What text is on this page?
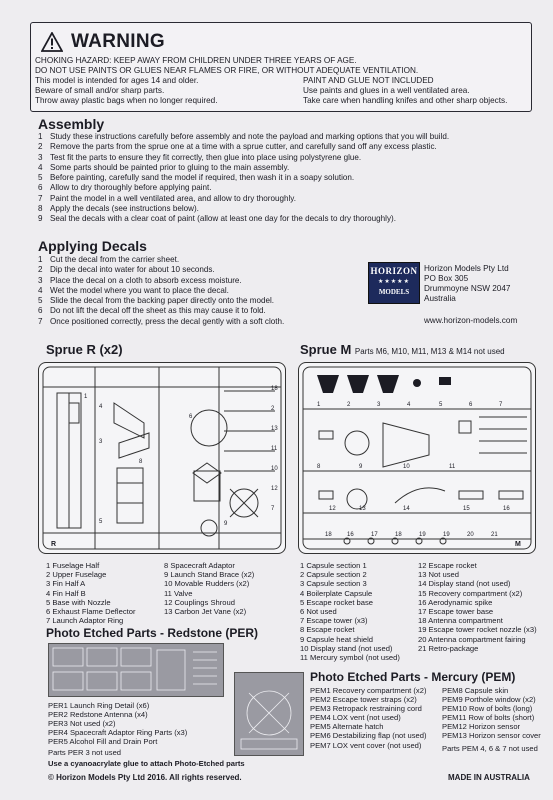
WARNING
CHOKING HAZARD: KEEP AWAY FROM CHILDREN UNDER THREE YEARS OF AGE.
DO NOT USE PAINTS OR GLUES NEAR FLAMES OR FIRE, OR WITHOUT ADEQUATE VENTILATION.
This model is intended for ages 14 and older.
Beware of small and/or sharp parts.
Throw away plastic bags when no longer required.
PAINT AND GLUE NOT INCLUDED
Use paints and glues in a well ventilated area.
Take care when handling knifes and other sharp objects.
Assembly
1 Study these instructions carefully before assembly and note the payload and marking options that you will build.
2 Remove the parts from the sprue one at a time with a sprue cutter, and carefully sand off any excess plastic.
3 Test fit the parts to ensure they fit correctly, then glue into place using polystyrene glue.
4 Some parts should be painted prior to gluing to the main assembly.
5 Before painting, carefully sand the model if required, then wash it in a soapy solution.
6 Allow to dry thoroughly before applying paint.
7 Paint the model in a well ventilated area, and allow to dry thoroughly.
8 Apply the decals (see instructions below).
9 Seal the decals with a clear coat of paint (allow at least one day for the decals to dry thoroughly).
Applying Decals
1 Cut the decal from the carrier sheet.
2 Dip the decal into water for about 10 seconds.
3 Place the decal on a cloth to absorb excess moisture.
4 Wet the model where you want to place the decal.
5 Slide the decal from the backing paper directly onto the model.
6 Do not lift the decal off the sheet as this may cause it to fold.
7 Once positioned correctly, press the decal gently with a soft cloth.
HORIZON
★★★★★
MODELS
Horizon Models Pty Ltd
PO Box 305
Drummoyne NSW 2047
Australia
www.horizon-models.com
Sprue R (x2)
R
18
2
13
11
10
12
7
8
5
4
6
3
9
1
1 Fuselage Half
2 Upper Fuselage
3 Fin Half A
4 Fin Half B
5 Base with Nozzle
6 Exhaust Flame Deflector
7 Launch Adaptor Ring
8 Spacecraft Adaptor
9 Launch Stand Brace (x2)
10 Movable Rudders (x2)
11 Valve
12 Couplings Shroud
13 Carbon Jet Vane (x2)
Sprue M Parts M6, M10, M11, M13 & M14 not used
1	2	3	4	5	6	7
8	9	10	11
12	13	14	15	16
18	16	17	18	19	19	20	21
M
1 Capsule section 1
2 Capsule section 2
3 Capsule section 3
4 Boilerplate Capsule
5 Escape rocket base
6 Not used
7 Escape tower (x3)
8 Escape rocket
9 Capsule heat shield
10 Display stand (not used)
11 Mercury symbol (not used)
12 Escape rocket
13 Not used
14 Display stand (not used)
15 Recovery compartment (x2)
16 Aerodynamic spike
17 Escape tower base
18 Antenna compartment
19 Escape tower rocket nozzle (x3)
20 Antenna compartment fairing
21 Retro-package
Photo Etched Parts - Redstone (PER)
PER1 Launch Ring Detail (x6)
PER2 Redstone Antenna (x4)
PER3 Not used (x2)
PER4 Spacecraft Adaptor Ring Parts (x3)
PER5 Alcohol Fill and Drain Port
Parts PER 3 not used
Use a cyanoacrylate glue to attach Photo-Etched parts
Photo Etched Parts - Mercury (PEM)
PEM1 Recovery compartment (x2)
PEM2 Escape tower straps (x2)
PEM3 Retropack restraining cord
PEM4 LOX vent (not used)
PEM5 Alternate hatch
PEM6 Destabilizing flap (not used)
PEM7 LOX vent cover (not used)
PEM8 Capsule skin
PEM9 Porthole window (x2)
PEM10 Row of bolts (long)
PEM11 Row of bolts (short)
PEM12 Horizon sensor
PEM13 Horizon sensor cover
Parts PEM 4, 6 & 7 not used
© Horizon Models Pty Ltd 2016. All rights reserved.	MADE IN AUSTRALIA
